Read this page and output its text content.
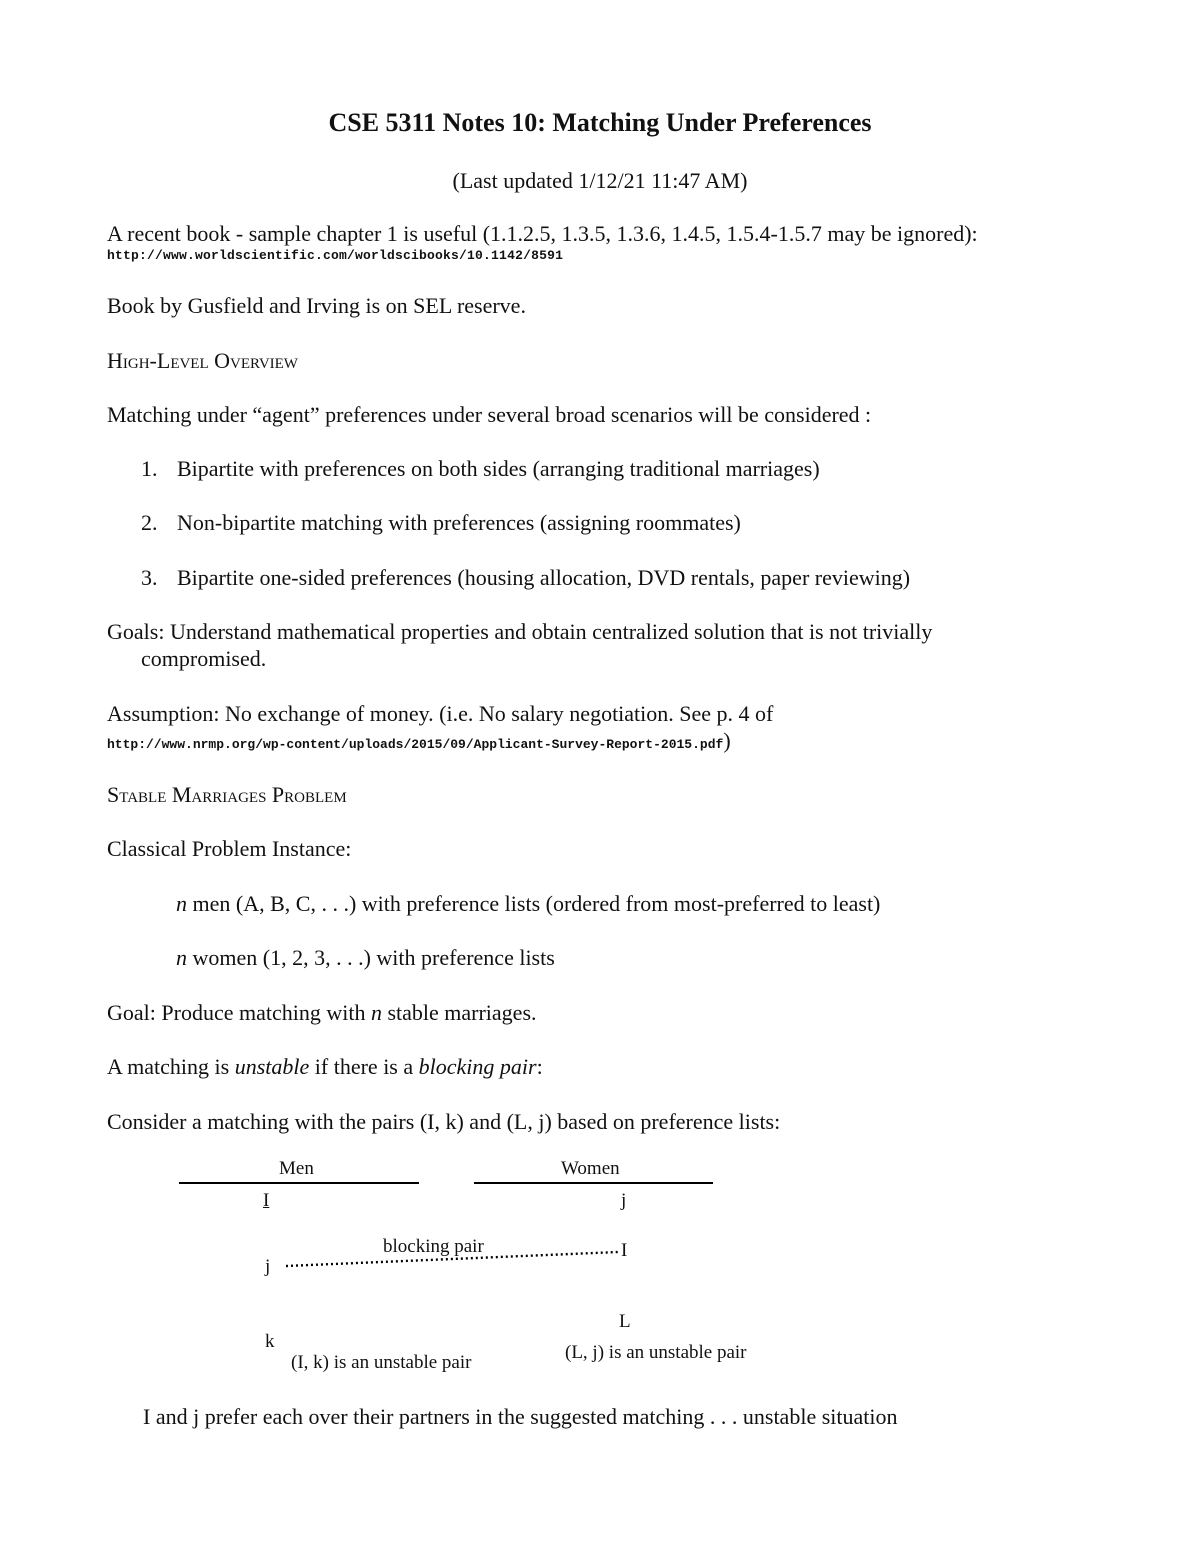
CSE 5311 Notes 10: Matching Under Preferences
(Last updated 1/12/21 11:47 AM)
A recent book - sample chapter 1 is useful (1.1.2.5, 1.3.5, 1.3.6, 1.4.5, 1.5.4-1.5.7 may be ignored):
http://www.worldscientific.com/worldscibooks/10.1142/8591
Book by Gusfield and Irving is on SEL reserve.
High-Level Overview
Matching under “agent” preferences under several broad scenarios will be considered :
1. Bipartite with preferences on both sides (arranging traditional marriages)
2. Non-bipartite matching with preferences (assigning roommates)
3. Bipartite one-sided preferences (housing allocation, DVD rentals, paper reviewing)
Goals: Understand mathematical properties and obtain centralized solution that is not trivially
compromised.
Assumption: No exchange of money. (i.e. No salary negotiation. See p. 4 of
http://www.nrmp.org/wp-content/uploads/2015/09/Applicant-Survey-Report-2015.pdf)
Stable Marriages Problem
Classical Problem Instance:
n men (A, B, C, . . .) with preference lists (ordered from most-preferred to least)
n women (1, 2, 3, . . .) with preference lists
Goal: Produce matching with n stable marriages.
A matching is unstable if there is a blocking pair:
Consider a matching with the pairs (I, k) and (L, j) based on preference lists:
Men	Women
I	j
j
I
blocking pair
k
L
(I, k) is an unstable pair	(L, j) is an unstable pair
I and j prefer each over their partners in the suggested matching . . . unstable situation
